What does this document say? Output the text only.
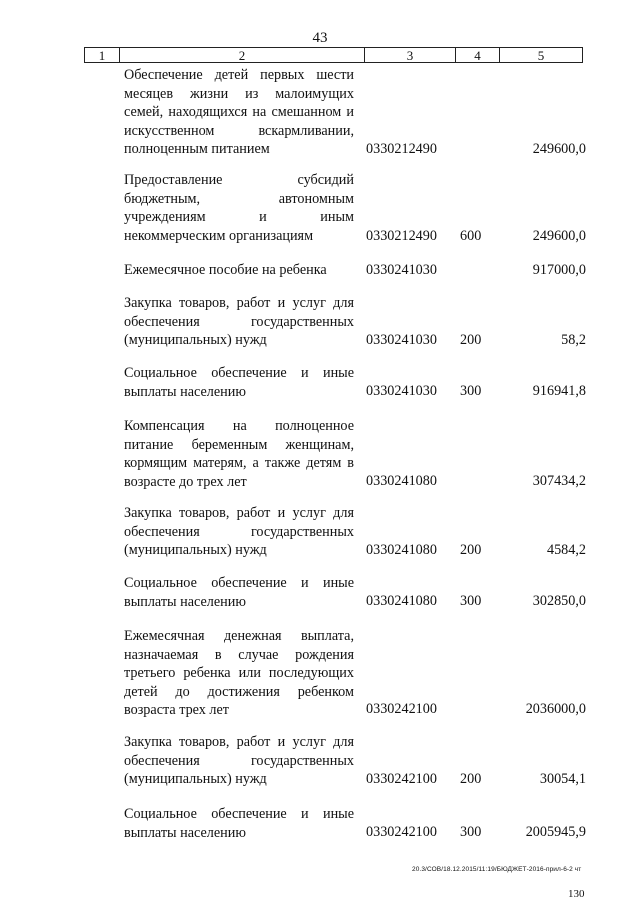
43
1	2	3	4	5
Обеспечение детей первых шести месяцев жизни из малоимущих семей, находящихся на смешанном и искусственном вскармливании, полноценным питанием	0330212490	249600,0
Предоставление субсидий бюджетным, автономным учреждениям и иным некоммерческим организациям	0330212490 600	249600,0
Ежемесячное пособие на ребенка	0330241030	917000,0
Закупка товаров, работ и услуг для обеспечения государственных (муниципальных) нужд	0330241030 200	58,2
Социальное обеспечение и иные выплаты населению	0330241030 300	916941,8
Компенсация на полноценное питание беременным женщинам, кормящим матерям, а также детям в возрасте до трех лет	0330241080	307434,2
Закупка товаров, работ и услуг для обеспечения государственных (муниципальных) нужд	0330241080 200	4584,2
Социальное обеспечение и иные выплаты населению	0330241080 300	302850,0
Ежемесячная денежная выплата, назначаемая в случае рождения третьего ребенка или последующих детей до достижения ребенком возраста трех лет	0330242100	2036000,0
Закупка товаров, работ и услуг для обеспечения государственных (муниципальных) нужд	0330242100 200	30054,1
Социальное обеспечение и иные выплаты населению	0330242100 300	2005945,9
20.3/СОВ/18.12.2015/11:19/БЮДЖЕТ-2016-прил-6-2 чт
130
